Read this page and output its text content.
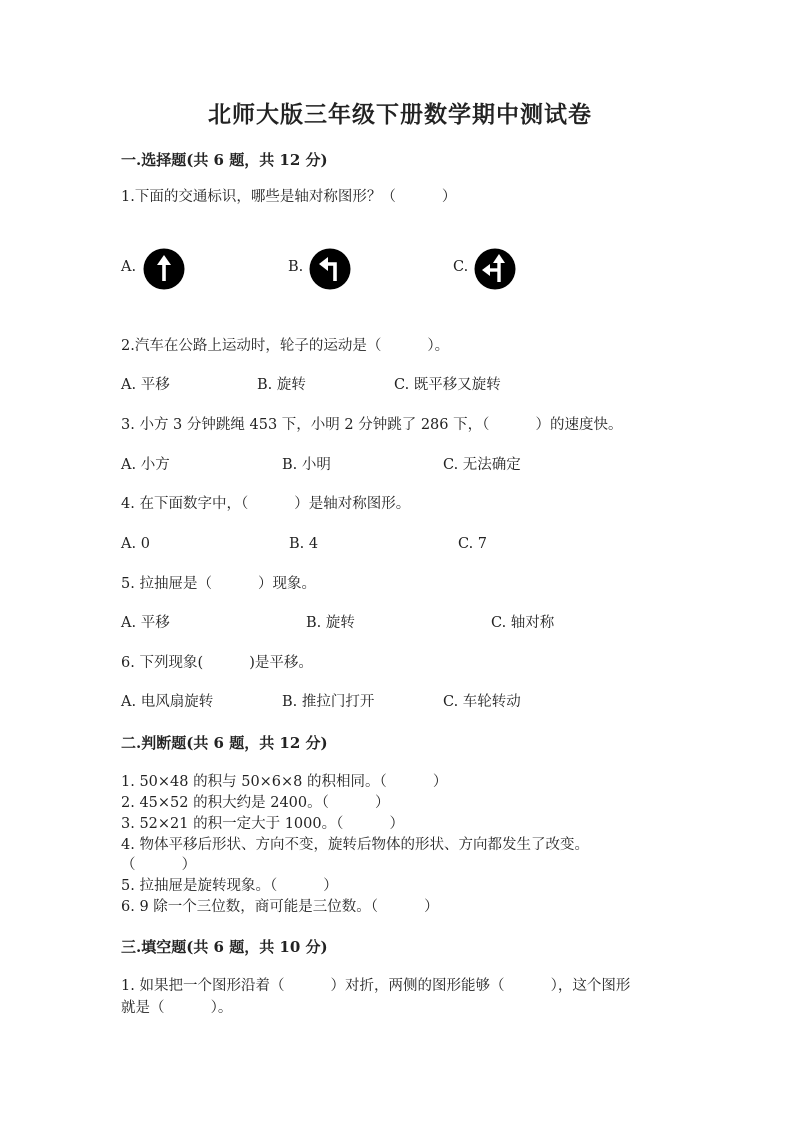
北师大版三年级下册数学期中测试卷
一.选择题(共 6 题，共 12 分)
1.下面的交通标识，哪些是轴对称图形？（          ）
A.	B.	C.
2.汽车在公路上运动时，轮子的运动是（          ）。
A. 平移	B. 旋转	C. 既平移又旋转
3. 小方 3 分钟跳绳 453 下，小明 2 分钟跳了 286 下，（          ）的速度快。
A. 小方	B. 小明	C. 无法确定
4. 在下面数字中，（          ）是轴对称图形。
A. 0	B. 4	C. 7
5. 拉抽屉是（          ）现象。
A. 平移	B. 旋转	C. 轴对称
6. 下列现象(          )是平移。
A. 电风扇旋转	B. 推拉门打开	C. 车轮转动
二.判断题(共 6 题，共 12 分)
1. 50×48 的积与 50×6×8 的积相同。（          ）
2. 45×52 的积大约是 2400。（          ）
3. 52×21 的积一定大于 1000。（          ）
4. 物体平移后形状、方向不变，旋转后物体的形状、方向都发生了改变。
（          ）
5. 拉抽屉是旋转现象。（          ）
6. 9 除一个三位数，商可能是三位数。（          ）
三.填空题(共 6 题，共 10 分)
1. 如果把一个图形沿着（          ）对折，两侧的图形能够（          ），这个图形
就是（          ）。
